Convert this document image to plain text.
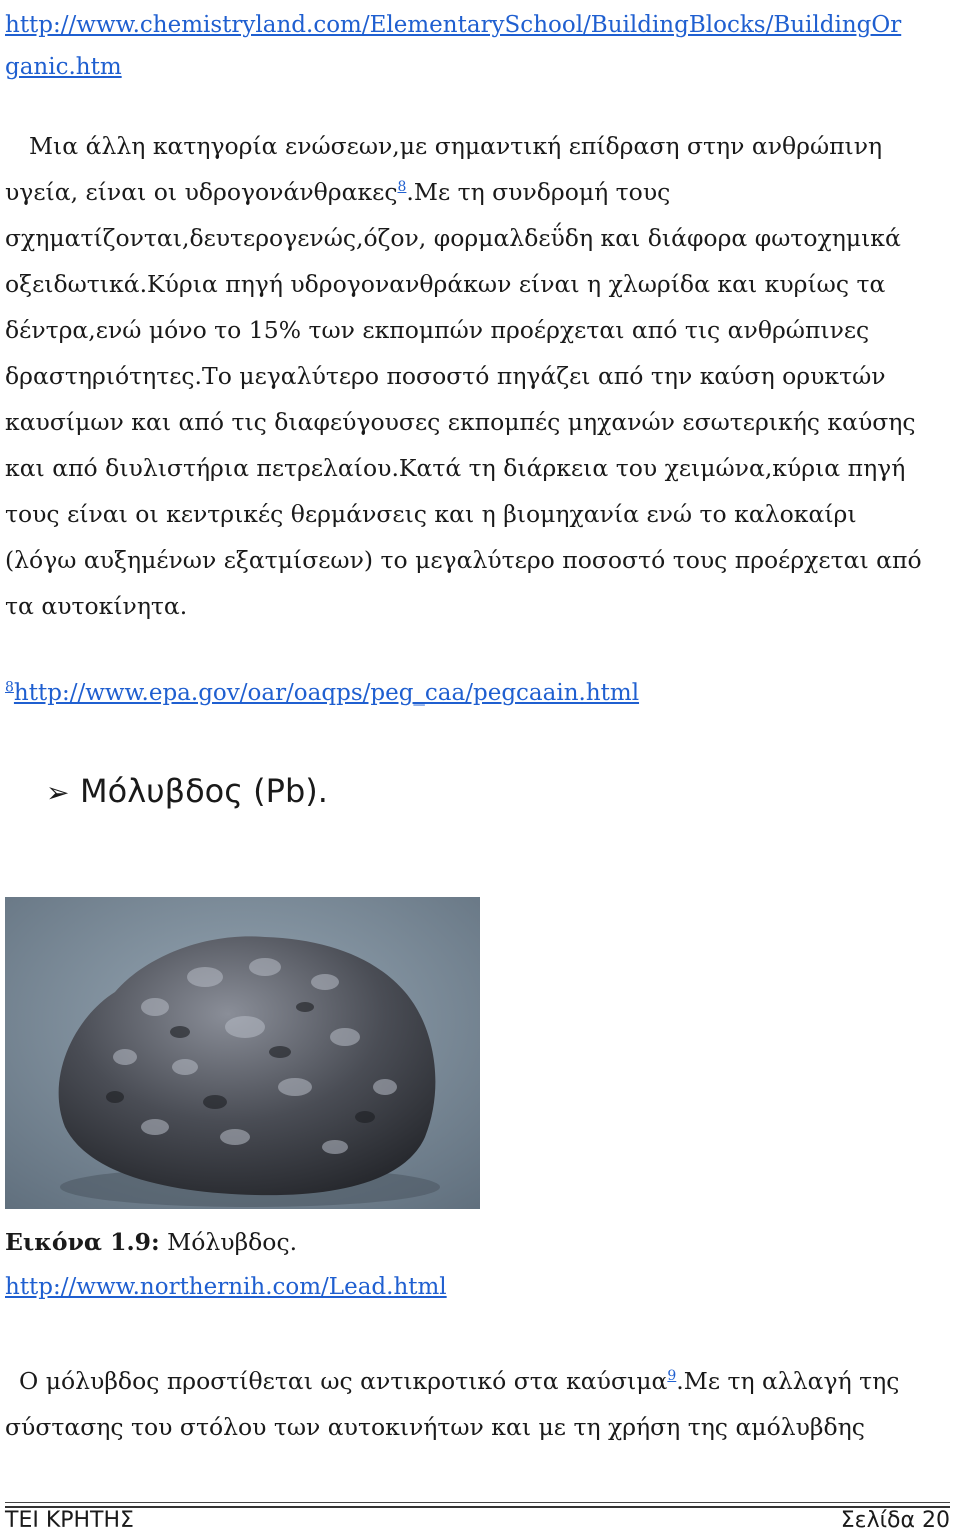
http://www.chemistryland.com/ElementarySchool/BuildingBlocks/BuildingOr
ganic.htm
Μια άλλη κατηγορία ενώσεων,με σημαντική επίδραση στην ανθρώπινη
υγεία, είναι οι υδρογονάνθρακες$^8$.Με τη συνδρομή τους
σχηματίζονται,δευτερογενώς,όζον, φορμαλδεΰδη και διάφορα φωτοχημικά
οξειδωτικά.Κύρια πηγή υδρογονανθράκων είναι η χλωρίδα και κυρίως τα
δέντρα,ενώ μόνο το 15% των εκπομπών προέρχεται από τις ανθρώπινες
δραστηριότητες.Το μεγαλύτερο ποσοστό πηγάζει από την καύση ορυκτών
καυσίμων και από τις διαφεύγουσες εκπομπές μηχανών εσωτερικής καύσης
και από διυλιστήρια πετρελαίου.Κατά τη διάρκεια του χειμώνα,κύρια πηγή
τους είναι οι κεντρικές θερμάνσεις και η βιομηχανία ενώ το καλοκαίρι
(λόγω αυξημένων εξατμίσεων) το μεγαλύτερο ποσοστό τους προέρχεται από
τα αυτοκίνητα.
$^8$http://www.epa.gov/oar/oaqps/peg_caa/pegcaain.html
➢ Μόλυβδος (Pb).
Εικόνα 1.9: Μόλυβδος.
http://www.northernih.com/Lead.html
Ο μόλυβδος προστίθεται ως αντικροτικό στα καύσιμα$^9$.Με τη αλλαγή της
σύστασης του στόλου των αυτοκινήτων και με τη χρήση της αμόλυβδης
ΤΕΙ ΚΡΗΤΗΣ	Σελίδα 20
